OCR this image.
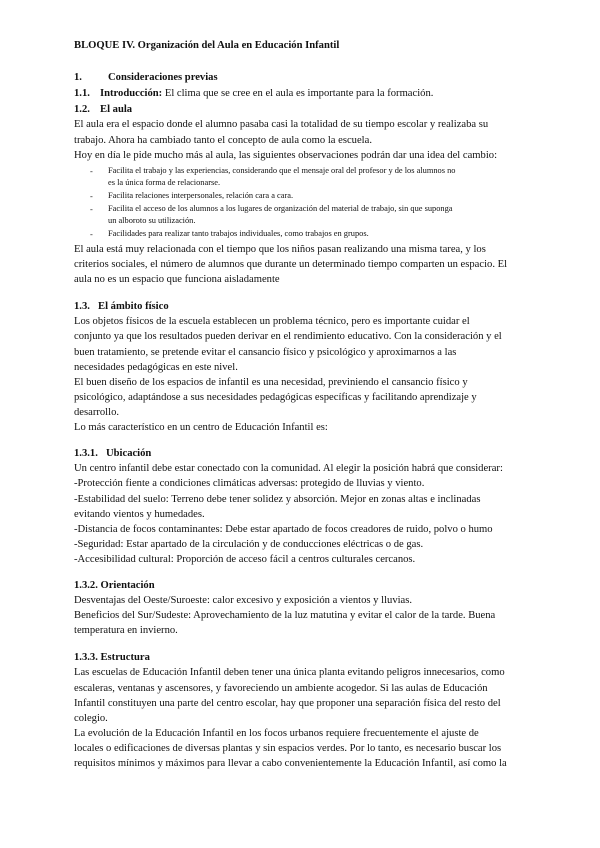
BLOQUE IV. Organización del Aula en Educación Infantil
1. Consideraciones previas
1.1. Introducción: El clima que se cree en el aula es importante para la formación.
1.2. El aula
El aula era el espacio donde el alumno pasaba casi la totalidad de su tiempo escolar y realizaba su
trabajo. Ahora ha cambiado tanto el concepto de aula como la escuela.
Hoy en día le pide mucho más al aula, las siguientes observaciones podrán dar una idea del cambio:
- Facilita el trabajo y las experiencias, considerando que el mensaje oral del profesor y de los alumnos no
es la única forma de relacionarse.
- Facilita relaciones interpersonales, relación cara a cara.
- Facilita el acceso de los alumnos a los lugares de organización del material de trabajo, sin que suponga
un alboroto su utilización.
- Facilidades para realizar tanto trabajos individuales, como trabajos en grupos.
El aula está muy relacionada con el tiempo que los niños pasan realizando una misma tarea, y los
criterios sociales, el número de alumnos que durante un determinado tiempo comparten un espacio. El
aula no es un espacio que funciona aisladamente
1.3. El ámbito físico
Los objetos físicos de la escuela establecen un problema técnico, pero es importante cuidar el
conjunto ya que los resultados pueden derivar en el rendimiento educativo. Con la consideración y el
buen tratamiento, se pretende evitar el cansancio físico y psicológico y aproximarnos a las
necesidades pedagógicas en este nivel.
El buen diseño de los espacios de infantil es una necesidad, previniendo el cansancio físico y
psicológico, adaptándose a sus necesidades pedagógicas específicas y facilitando aprendizaje y
desarrollo.
Lo más característico en un centro de Educación Infantil es:
1.3.1. Ubicación
Un centro infantil debe estar conectado con la comunidad. Al elegir la posición habrá que considerar:
-Protección fiente a condiciones climáticas adversas: protegido de lluvias y viento.
-Estabilidad del suelo: Terreno debe tener solidez y absorción. Mejor en zonas altas e inclinadas
evitando vientos y humedades.
-Distancia de focos contaminantes: Debe estar apartado de focos creadores de ruido, polvo o humo
-Seguridad: Estar apartado de la circulación y de conducciones eléctricas o de gas.
-Accesibilidad cultural: Proporción de acceso fácil a centros culturales cercanos.
1.3.2. Orientación
Desventajas del Oeste/Suroeste: calor excesivo y exposición a vientos y lluvias.
Beneficios del Sur/Sudeste: Aprovechamiento de la luz matutina y evitar el calor de la tarde. Buena
temperatura en invierno.
1.3.3. Estructura
Las escuelas de Educación Infantil deben tener una única planta evitando peligros innecesarios, como
escaleras, ventanas y ascensores, y favoreciendo un ambiente acogedor. Si las aulas de Educación
Infantil constituyen una parte del centro escolar, hay que proponer una separación física del resto del
colegio.
La evolución de la Educación Infantil en los focos urbanos requiere frecuentemente el ajuste de
locales o edificaciones de diversas plantas y sin espacios verdes. Por lo tanto, es necesario buscar los
requisitos mínimos y máximos para llevar a cabo convenientemente la Educación Infantil, así como la
